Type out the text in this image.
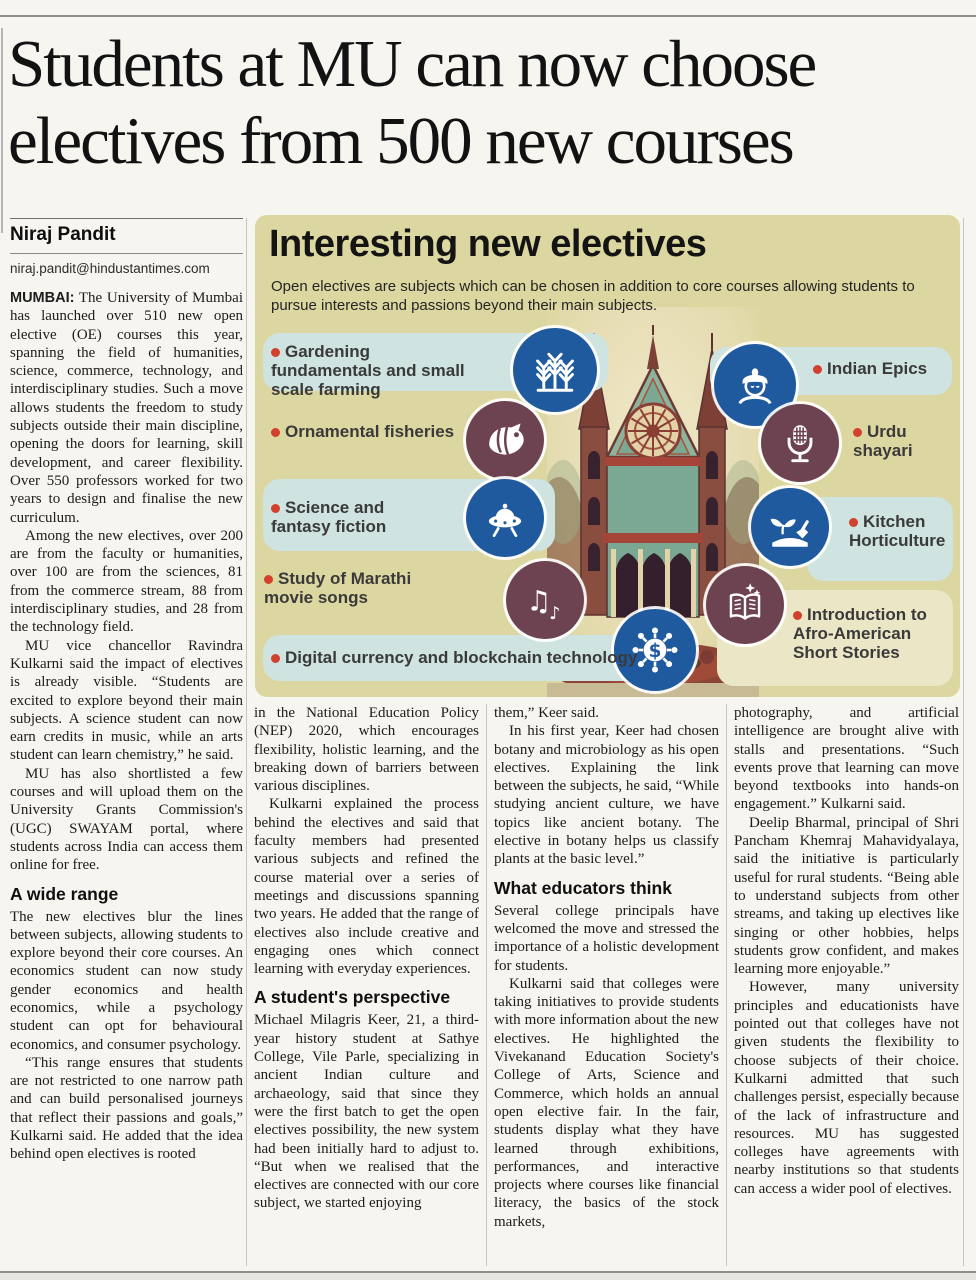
Students at MU can now choose
electives from 500 new courses
Niraj Pandit
niraj.pandit@hindustantimes.com

MUMBAI: The University of Mumbai has launched over 510 new open elective (OE) courses this year, spanning the field of humanities, science, commerce, technology, and interdisciplinary studies. Such a move allows students the freedom to study subjects outside their main discipline, opening the doors for learning, skill development, and career flexibility. Over 550 professors worked for two years to design and finalise the new curriculum.

Among the new electives, over 200 are from the faculty or humanities, over 100 are from the sciences, 81 from the commerce stream, 88 from interdisciplinary studies, and 28 from the technology field.

MU vice chancellor Ravindra Kulkarni said the impact of electives is already visible. “Students are excited to explore beyond their main subjects. A science student can now earn credits in music, while an arts student can learn chemistry,” he said.

MU has also shortlisted a few courses and will upload them on the University Grants Commission's (UGC) SWAYAM portal, where students across India can access them online for free.

A wide range

The new electives blur the lines between subjects, allowing students to explore beyond their core courses. An economics student can now study gender economics and health economics, while a psychology student can opt for behavioural economics, and consumer psychology.

“This range ensures that students are not restricted to one narrow path and can build personalised journeys that reflect their passions and goals,” Kulkarni said. He added that the idea behind open electives is rooted

Interesting new electives
Open electives are subjects which can be chosen in addition to core courses allowing students to pursue interests and passions beyond their main subjects.
♫
♪
$
Gardening fundamentals and small scale farming
Ornamental fisheries
Science and fantasy fiction
Study of Marathi movie songs
Digital currency and blockchain technology
Indian Epics
Urdu shayari
Kitchen Horticulture
Introduction to Afro-American Short Stories

in the National Education Policy (NEP) 2020, which encourages flexibility, holistic learning, and the breaking down of barriers between various disciplines.

Kulkarni explained the process behind the electives and said that faculty members had presented various subjects and refined the course material over a series of meetings and discussions spanning two years. He added that the range of electives also include creative and engaging ones which connect learning with everyday experiences.

A student's perspective

Michael Milagris Keer, 21, a third-year history student at Sathye College, Vile Parle, specializing in ancient Indian culture and archaeology, said that since they were the first batch to get the open electives possibility, the new system had been initially hard to adjust to. “But when we realised that the electives are connected with our core subject, we started enjoying

them,” Keer said.

In his first year, Keer had chosen botany and microbiology as his open electives. Explaining the link between the subjects, he said, “While studying ancient culture, we have topics like ancient botany. The elective in botany helps us classify plants at the basic level.”

What educators think

Several college principals have welcomed the move and stressed the importance of a holistic development for students.

Kulkarni said that colleges were taking initiatives to provide students with more information about the new electives. He highlighted the Vivekanand Education Society's College of Arts, Science and Commerce, which holds an annual open elective fair. In the fair, students display what they have learned through exhibitions, performances, and interactive projects where courses like financial literacy, the basics of the stock markets,

photography, and artificial intelligence are brought alive with stalls and presentations. “Such events prove that learning can move beyond textbooks into hands-on engagement.” Kulkarni said.

Deelip Bharmal, principal of Shri Pancham Khemraj Mahavidyalaya, said the initiative is particularly useful for rural students. “Being able to understand subjects from other streams, and taking up electives like singing or other hobbies, helps students grow confident, and makes learning more enjoyable.”

However, many university principles and educationists have pointed out that colleges have not given students the flexibility to choose subjects of their choice. Kulkarni admitted that such challenges persist, especially because of the lack of infrastructure and resources. MU has suggested colleges have agreements with nearby institutions so that students can access a wider pool of electives.
